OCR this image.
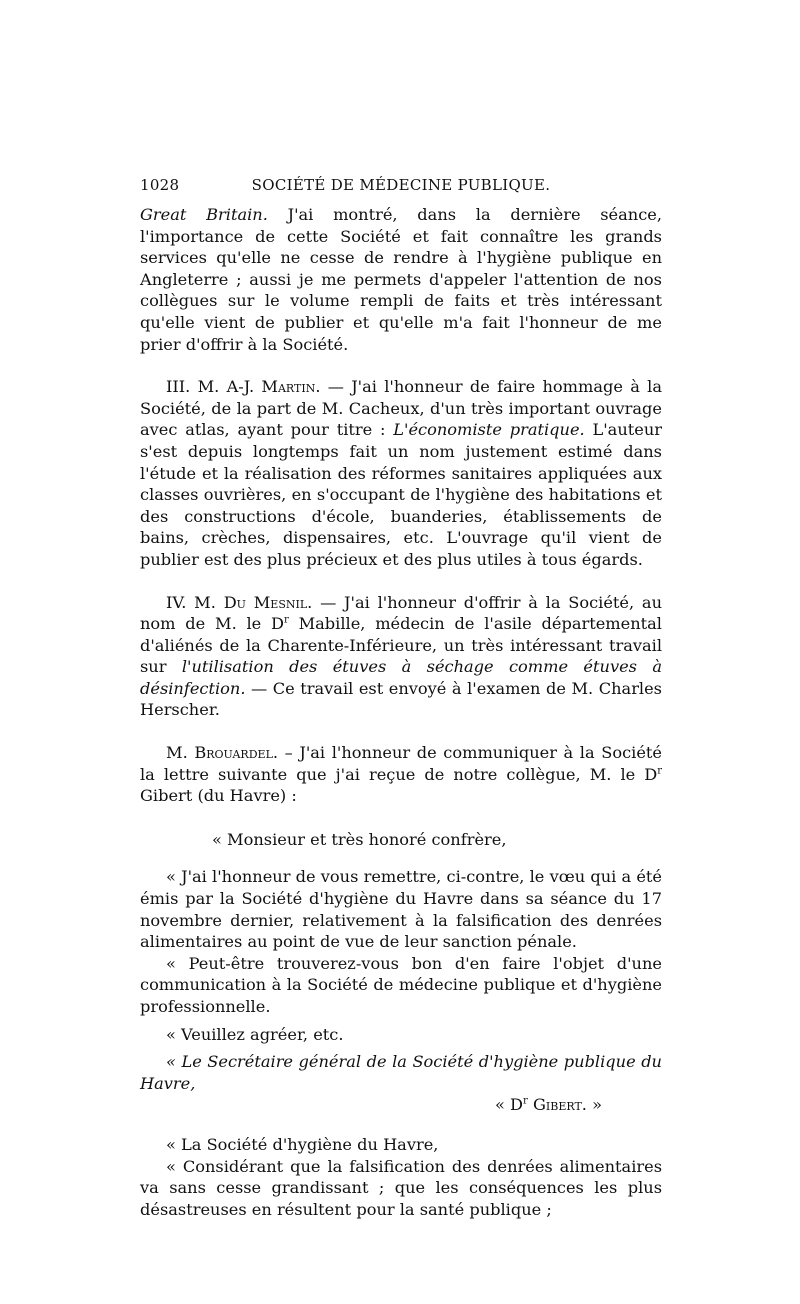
1028	SOCIÉTÉ DE MÉDECINE PUBLIQUE.

Great Britain. J'ai montré, dans la dernière séance, l'importance de cette Société et fait connaître les grands services qu'elle ne cesse de rendre à l'hygiène publique en Angleterre ; aussi je me permets d'appeler l'attention de nos collègues sur le volume rempli de faits et très intéressant qu'elle vient de publier et qu'elle m'a fait l'honneur de me prier d'offrir à la Société.

III. M. A-J. Martin. — J'ai l'honneur de faire hommage à la Société, de la part de M. Cacheux, d'un très important ouvrage avec atlas, ayant pour titre : L'économiste pratique. L'auteur s'est depuis longtemps fait un nom justement estimé dans l'étude et la réalisation des réformes sanitaires appliquées aux classes ouvrières, en s'occupant de l'hygiène des habitations et des constructions d'école, buanderies, établissements de bains, crèches, dispensaires, etc. L'ouvrage qu'il vient de publier est des plus précieux et des plus utiles à tous égards.

IV. M. Du Mesnil. — J'ai l'honneur d'offrir à la Société, au nom de M. le $D^r$ Mabille, médecin de l'asile départemental d'aliénés de la Charente-Inférieure, un très intéressant travail sur l'utilisation des étuves à séchage comme étuves à désinfection. — Ce travail est envoyé à l'examen de M. Charles Herscher.

M. Brouardel. – J'ai l'honneur de communiquer à la Société la lettre suivante que j'ai reçue de notre collègue, M. le $D^r$ Gibert (du Havre) :

« Monsieur et très honoré confrère,

« J'ai l'honneur de vous remettre, ci-contre, le vœu qui a été émis par la Société d'hygiène du Havre dans sa séance du 17 novembre dernier, relativement à la falsification des denrées alimentaires au point de vue de leur sanction pénale.

« Peut-être trouverez-vous bon d'en faire l'objet d'une communication à la Société de médecine publique et d'hygiène professionnelle.

« Veuillez agréer, etc.

« Le Secrétaire général de la Société d'hygiène publique du Havre,

« $D^r$ Gibert. »

« La Société d'hygiène du Havre,

« Considérant que la falsification des denrées alimentaires va sans cesse grandissant ; que les conséquences les plus désastreuses en résultent pour la santé publique ;
